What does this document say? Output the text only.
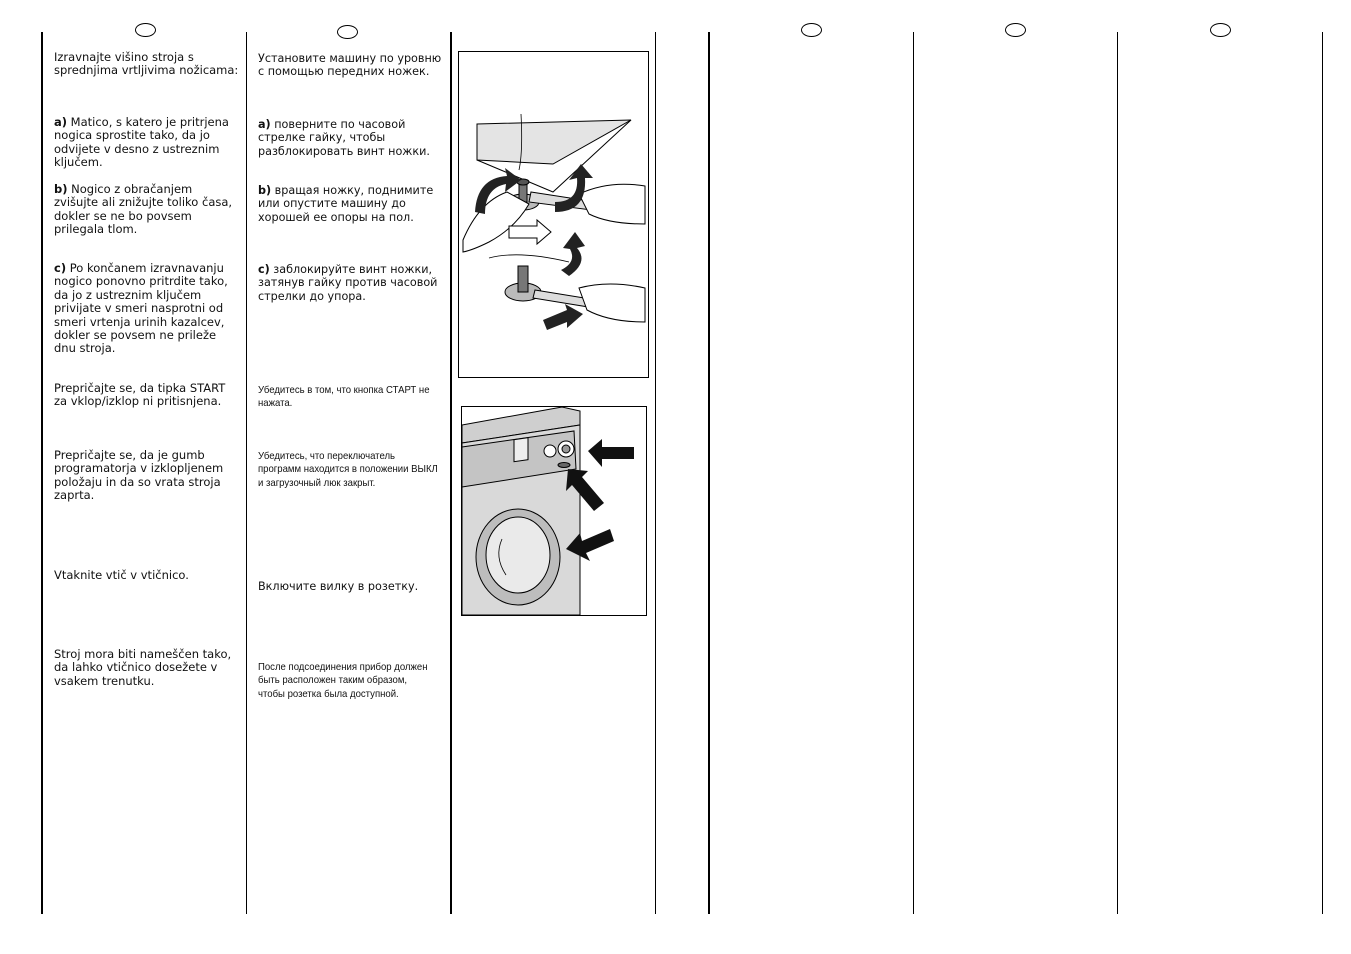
Izravnajte višino stroja s sprednjima vrtljivima nožicama:

a) Matico, s katero je pritrjena nogica sprostite tako, da jo odvijete v desno z ustreznim ključem.

b) Nogico z obračanjem zvišujte ali znižujte toliko časa, dokler se ne bo povsem prilegala tlom.

c) Po končanem izravnavanju nogico ponovno pritrdite tako, da jo z ustreznim ključem privijate v smeri nasprotni od smeri vrtenja urinih kazalcev, dokler se povsem ne prileže dnu stroja.

Prepričajte se, da tipka START za vklop/izklop ni pritisnjena.

Prepričajte se, da je gumb programatorja v izklopljenem položaju in da so vrata stroja zaprta.

Vtaknite vtič v vtičnico.

Stroj mora biti nameščen tako, da lahko vtičnico dosežete v vsakem trenutku.

Установите машину по уровню с помощью передних ножек.

a) поверните по часовой стрелке гайку, чтобы разблокировать винт ножки.

b) вращая ножку, поднимите или опустите машину до хорошей ее опоры на пол.

c) заблокируйте винт ножки, затянув гайку против часовой стрелки до упора.

Убедитесь в том, что кнопка СТАРТ не нажата.

Убедитесь, что переключатель программ находится в положении ВЫКЛ и загрузочный люк закрыт.

Включите вилку в розетку.

После подсоединения прибор должен быть расположен таким образом, чтобы розетка была доступной.
